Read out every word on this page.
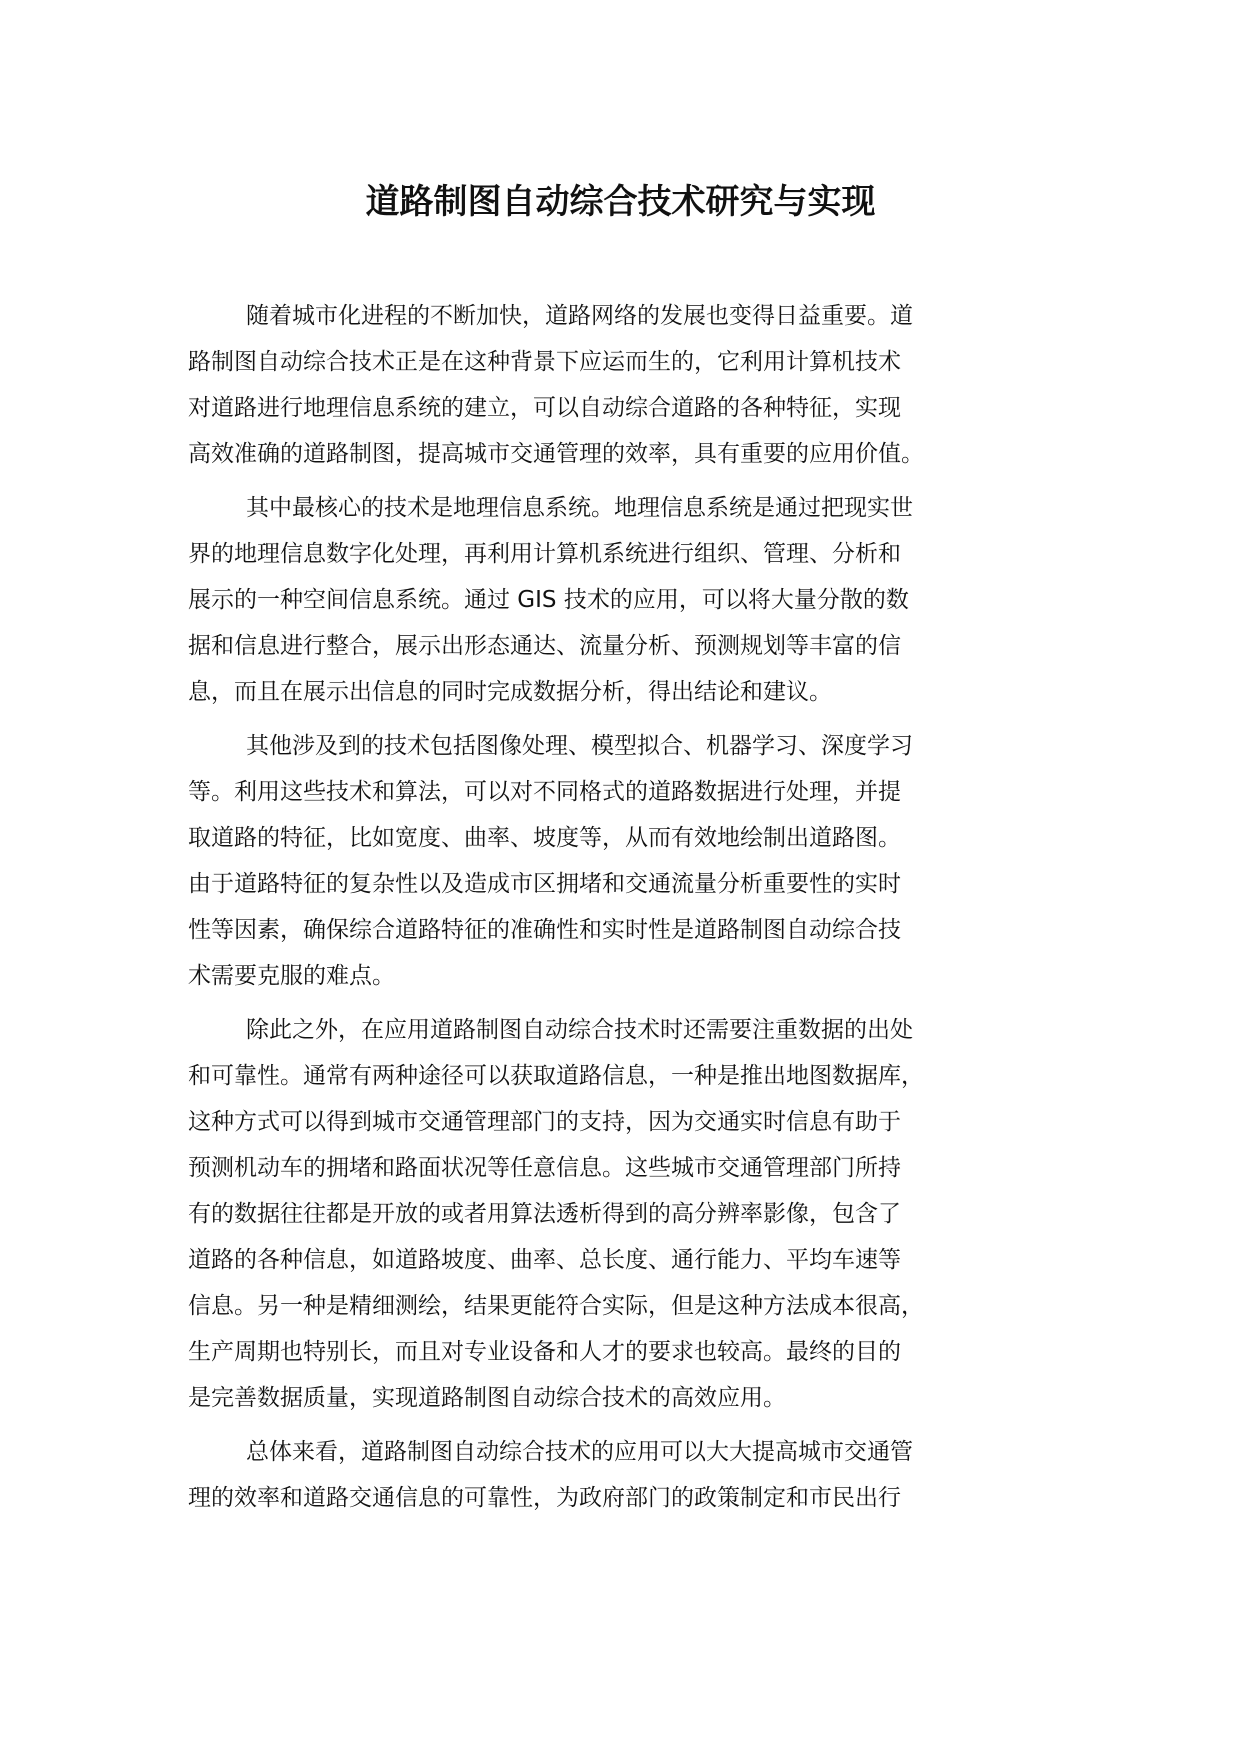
道路制图自动综合技术研究与实现
随着城市化进程的不断加快，道路网络的发展也变得日益重要。道
路制图自动综合技术正是在这种背景下应运而生的，它利用计算机技术
对道路进行地理信息系统的建立，可以自动综合道路的各种特征，实现
高效准确的道路制图，提高城市交通管理的效率，具有重要的应用价值。
其中最核心的技术是地理信息系统。地理信息系统是通过把现实世
界的地理信息数字化处理，再利用计算机系统进行组织、管理、分析和
展示的一种空间信息系统。通过 GIS 技术的应用，可以将大量分散的数
据和信息进行整合，展示出形态通达、流量分析、预测规划等丰富的信
息，而且在展示出信息的同时完成数据分析，得出结论和建议。
其他涉及到的技术包括图像处理、模型拟合、机器学习、深度学习
等。利用这些技术和算法，可以对不同格式的道路数据进行处理，并提
取道路的特征，比如宽度、曲率、坡度等，从而有效地绘制出道路图。
由于道路特征的复杂性以及造成市区拥堵和交通流量分析重要性的实时
性等因素，确保综合道路特征的准确性和实时性是道路制图自动综合技
术需要克服的难点。
除此之外，在应用道路制图自动综合技术时还需要注重数据的出处
和可靠性。通常有两种途径可以获取道路信息，一种是推出地图数据库，
这种方式可以得到城市交通管理部门的支持，因为交通实时信息有助于
预测机动车的拥堵和路面状况等任意信息。这些城市交通管理部门所持
有的数据往往都是开放的或者用算法透析得到的高分辨率影像，包含了
道路的各种信息，如道路坡度、曲率、总长度、通行能力、平均车速等
信息。另一种是精细测绘，结果更能符合实际，但是这种方法成本很高，
生产周期也特别长，而且对专业设备和人才的要求也较高。最终的目的
是完善数据质量，实现道路制图自动综合技术的高效应用。
总体来看，道路制图自动综合技术的应用可以大大提高城市交通管
理的效率和道路交通信息的可靠性，为政府部门的政策制定和市民出行
